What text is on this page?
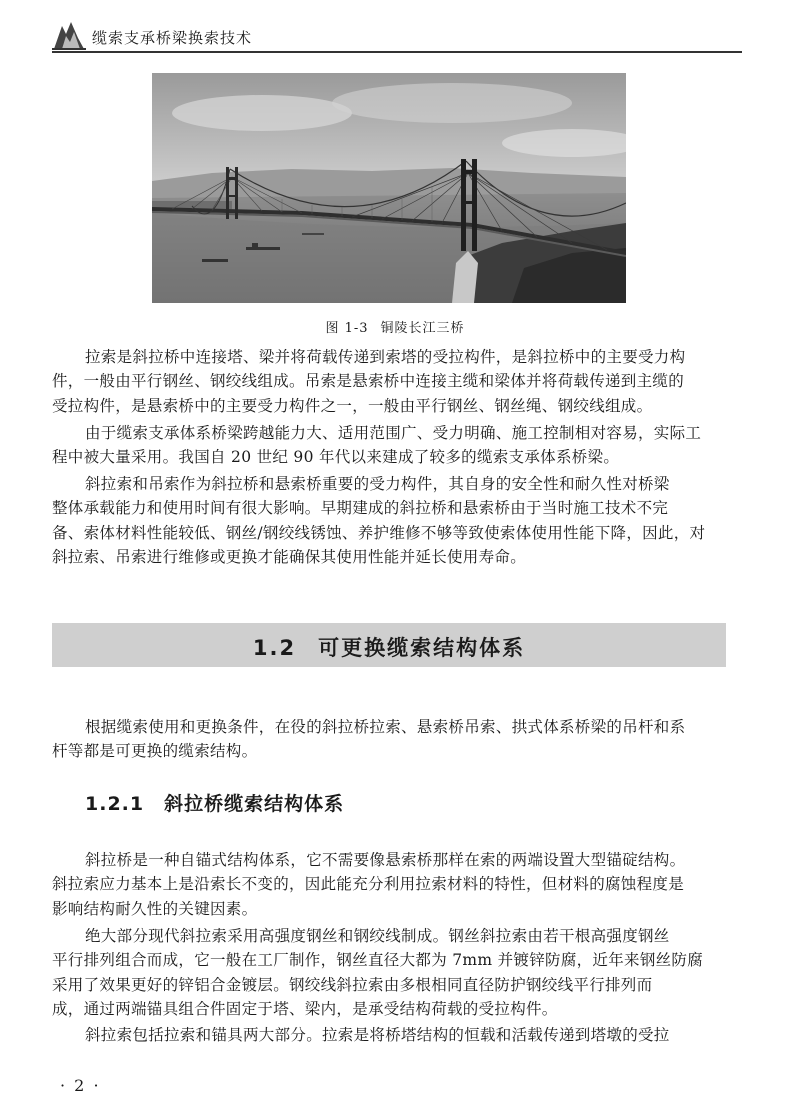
缆索支承桥梁换索技术
图 1-3 铜陵长江三桥
拉索是斜拉桥中连接塔、梁并将荷载传递到索塔的受拉构件，是斜拉桥中的主要受力构
件，一般由平行钢丝、钢绞线组成。吊索是悬索桥中连接主缆和梁体并将荷载传递到主缆的
受拉构件，是悬索桥中的主要受力构件之一，一般由平行钢丝、钢丝绳、钢绞线组成。
由于缆索支承体系桥梁跨越能力大、适用范围广、受力明确、施工控制相对容易，实际工
程中被大量采用。我国自 20 世纪 90 年代以来建成了较多的缆索支承体系桥梁。
斜拉索和吊索作为斜拉桥和悬索桥重要的受力构件，其自身的安全性和耐久性对桥梁
整体承载能力和使用时间有很大影响。早期建成的斜拉桥和悬索桥由于当时施工技术不完
备、索体材料性能较低、钢丝/钢绞线锈蚀、养护维修不够等致使索体使用性能下降，因此，对
斜拉索、吊索进行维修或更换才能确保其使用性能并延长使用寿命。
1.2 可更换缆索结构体系
根据缆索使用和更换条件，在役的斜拉桥拉索、悬索桥吊索、拱式体系桥梁的吊杆和系
杆等都是可更换的缆索结构。
1.2.1 斜拉桥缆索结构体系
斜拉桥是一种自锚式结构体系，它不需要像悬索桥那样在索的两端设置大型锚碇结构。
斜拉索应力基本上是沿索长不变的，因此能充分利用拉索材料的特性，但材料的腐蚀程度是
影响结构耐久性的关键因素。
绝大部分现代斜拉索采用高强度钢丝和钢绞线制成。钢丝斜拉索由若干根高强度钢丝
平行排列组合而成，它一般在工厂制作，钢丝直径大都为 7mm 并镀锌防腐，近年来钢丝防腐
采用了效果更好的锌铝合金镀层。钢绞线斜拉索由多根相同直径防护钢绞线平行排列而
成，通过两端锚具组合件固定于塔、梁内，是承受结构荷载的受拉构件。
斜拉索包括拉索和锚具两大部分。拉索是将桥塔结构的恒载和活载传递到塔墩的受拉
· 2 ·
